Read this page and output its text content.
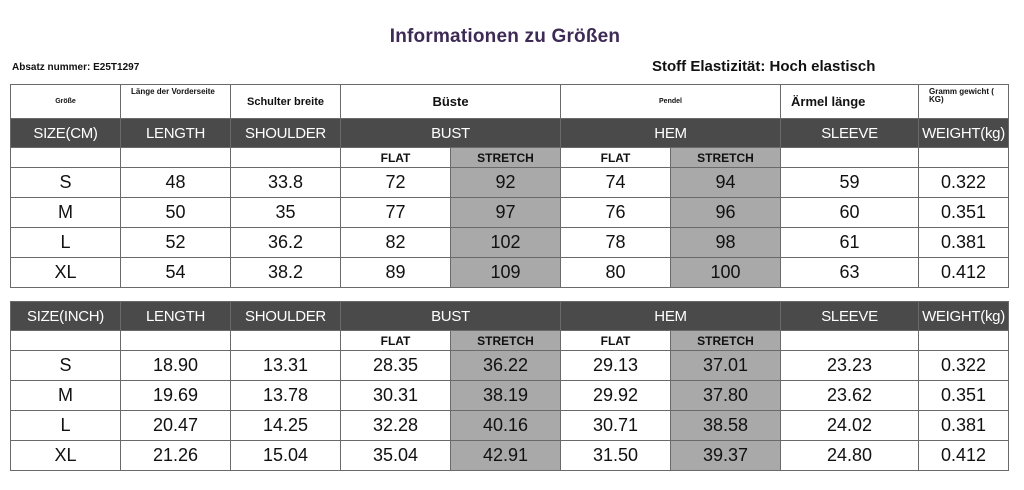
Informationen zu Größen
Absatz nummer: E25T1297	Stoff Elastizität: Hoch elastisch
Größe	Länge der Vorderseite	Schulter breite	Büste		Pendel		Ärmel länge	Gramm gewicht ( KG)
SIZE(CM)	LENGTH	SHOULDER	BUST		HEM		SLEEVE	WEIGHT(kg)
			FLAT	STRETCH	FLAT	STRETCH		
S	48	33.8	72	92	74	94	59	0.322
M	50	35	77	97	76	96	60	0.351
L	52	36.2	82	102	78	98	61	0.381
XL	54	38.2	89	109	80	100	63	0.412
SIZE(INCH)	LENGTH	SHOULDER	BUST		HEM		SLEEVE	WEIGHT(kg)
			FLAT	STRETCH	FLAT	STRETCH		
S	18.90	13.31	28.35	36.22	29.13	37.01	23.23	0.322
M	19.69	13.78	30.31	38.19	29.92	37.80	23.62	0.351
L	20.47	14.25	32.28	40.16	30.71	38.58	24.02	0.381
XL	21.26	15.04	35.04	42.91	31.50	39.37	24.80	0.412
